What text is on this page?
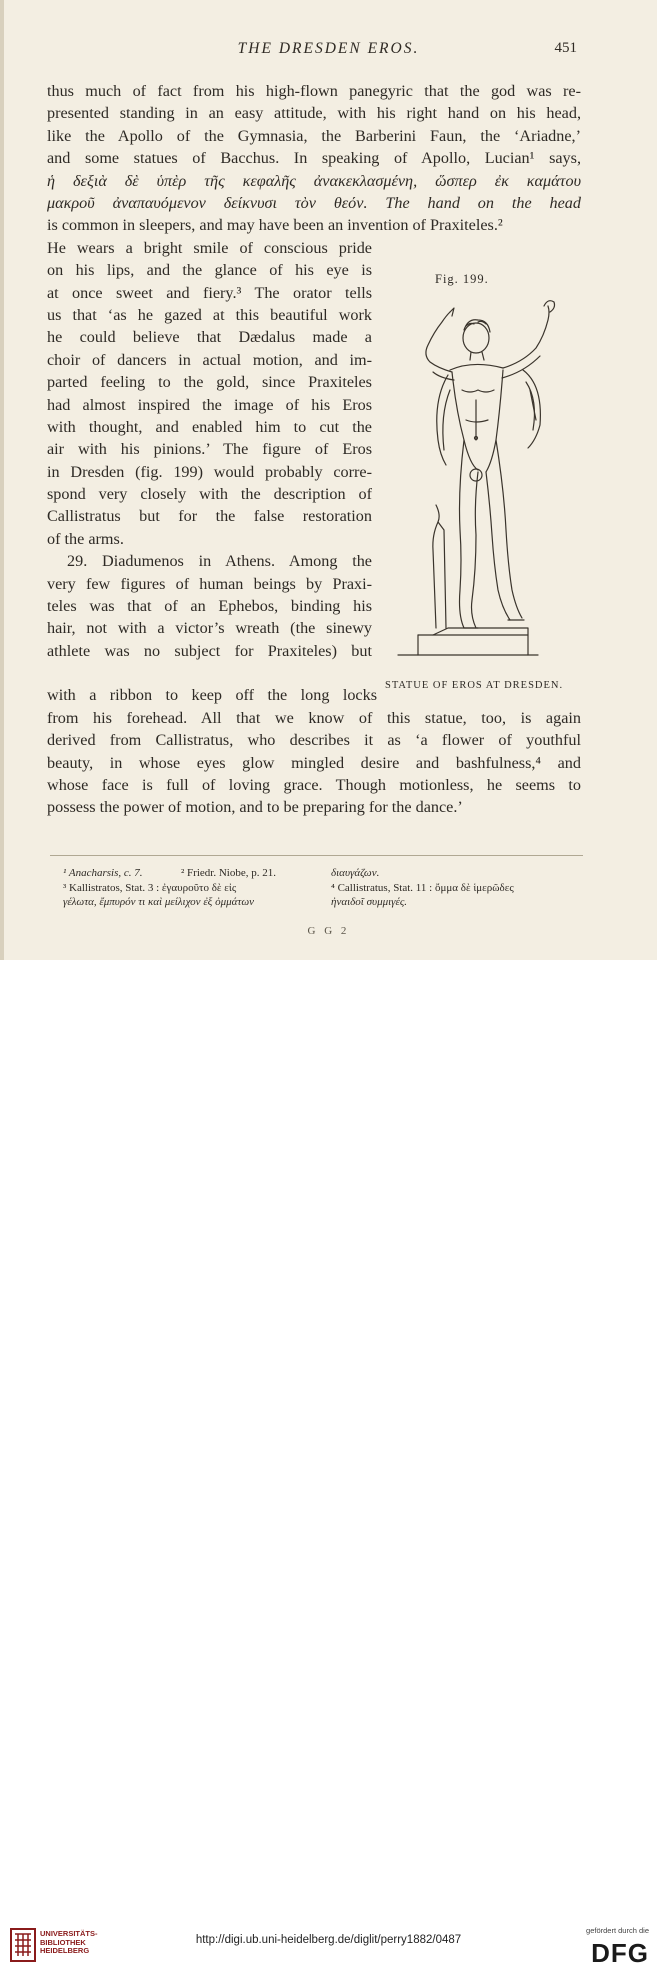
THE DRESDEN EROS.	451
thus much of fact from his high-flown panegyric that the god was re-
presented standing in an easy attitude, with his right hand on his head,
like the Apollo of the Gymnasia, the Barberini Faun, the ‘Ariadne,’
and some statues of Bacchus. In speaking of Apollo, Lucian¹ says,
ἡ δεξιὰ δὲ ὑπὲρ τῆς κεφαλῆς ἀνακεκλασμένη, ὥσπερ ἐκ καμάτου
μακροῦ ἀναπαυόμενον δείκνυσι τὸν θεόν. The hand on the head
is common in sleepers, and may have been an invention of Praxiteles.²
He wears a bright smile of conscious pride
on his lips, and the glance of his eye is
at once sweet and fiery.³ The orator tells
us that ‘as he gazed at this beautiful work
he could believe that Dædalus made a
choir of dancers in actual motion, and im-
parted feeling to the gold, since Praxiteles
had almost inspired the image of his Eros
with thought, and enabled him to cut the
air with his pinions.’ The figure of Eros
in Dresden (fig. 199) would probably corre-
spond very closely with the description of
Callistratus but for the false restoration
of the arms.
29. Diadumenos in Athens. Among the
very few figures of human beings by Praxi-
teles was that of an Ephebos, binding his
hair, not with a victor’s wreath (the sinewy
athlete was no subject for Praxiteles) but
with a ribbon to keep off the long locks
from his forehead. All that we know of this statue, too, is again
derived from Callistratus, who describes it as ‘a flower of youthful
beauty, in whose eyes glow mingled desire and bashfulness,⁴ and
whose face is full of loving grace. Though motionless, he seems to
possess the power of motion, and to be preparing for the dance.’
Fig. 199.
STATUE OF EROS AT DRESDEN.
¹ Anacharsis, c. 7.	² Friedr. Niobe, p. 21.	διαυγάζων.
³ Kallistratos, Stat. 3 : ἐγαυροῦτο δὲ εἰς	⁴ Callistratus, Stat. 11 : ὄμμα δὲ ἱμερῶδες
γέλωτα, ἔμπυρόν τι καὶ μείλιχον ἐξ ὀμμάτων	ἠναιδοῖ συμμιγές.
G G 2
UNIVERSITÄTS-
BIBLIOTHEK
HEIDELBERG
http://digi.ub.uni-heidelberg.de/diglit/perry1882/0487
gefördert durch die
DFG
